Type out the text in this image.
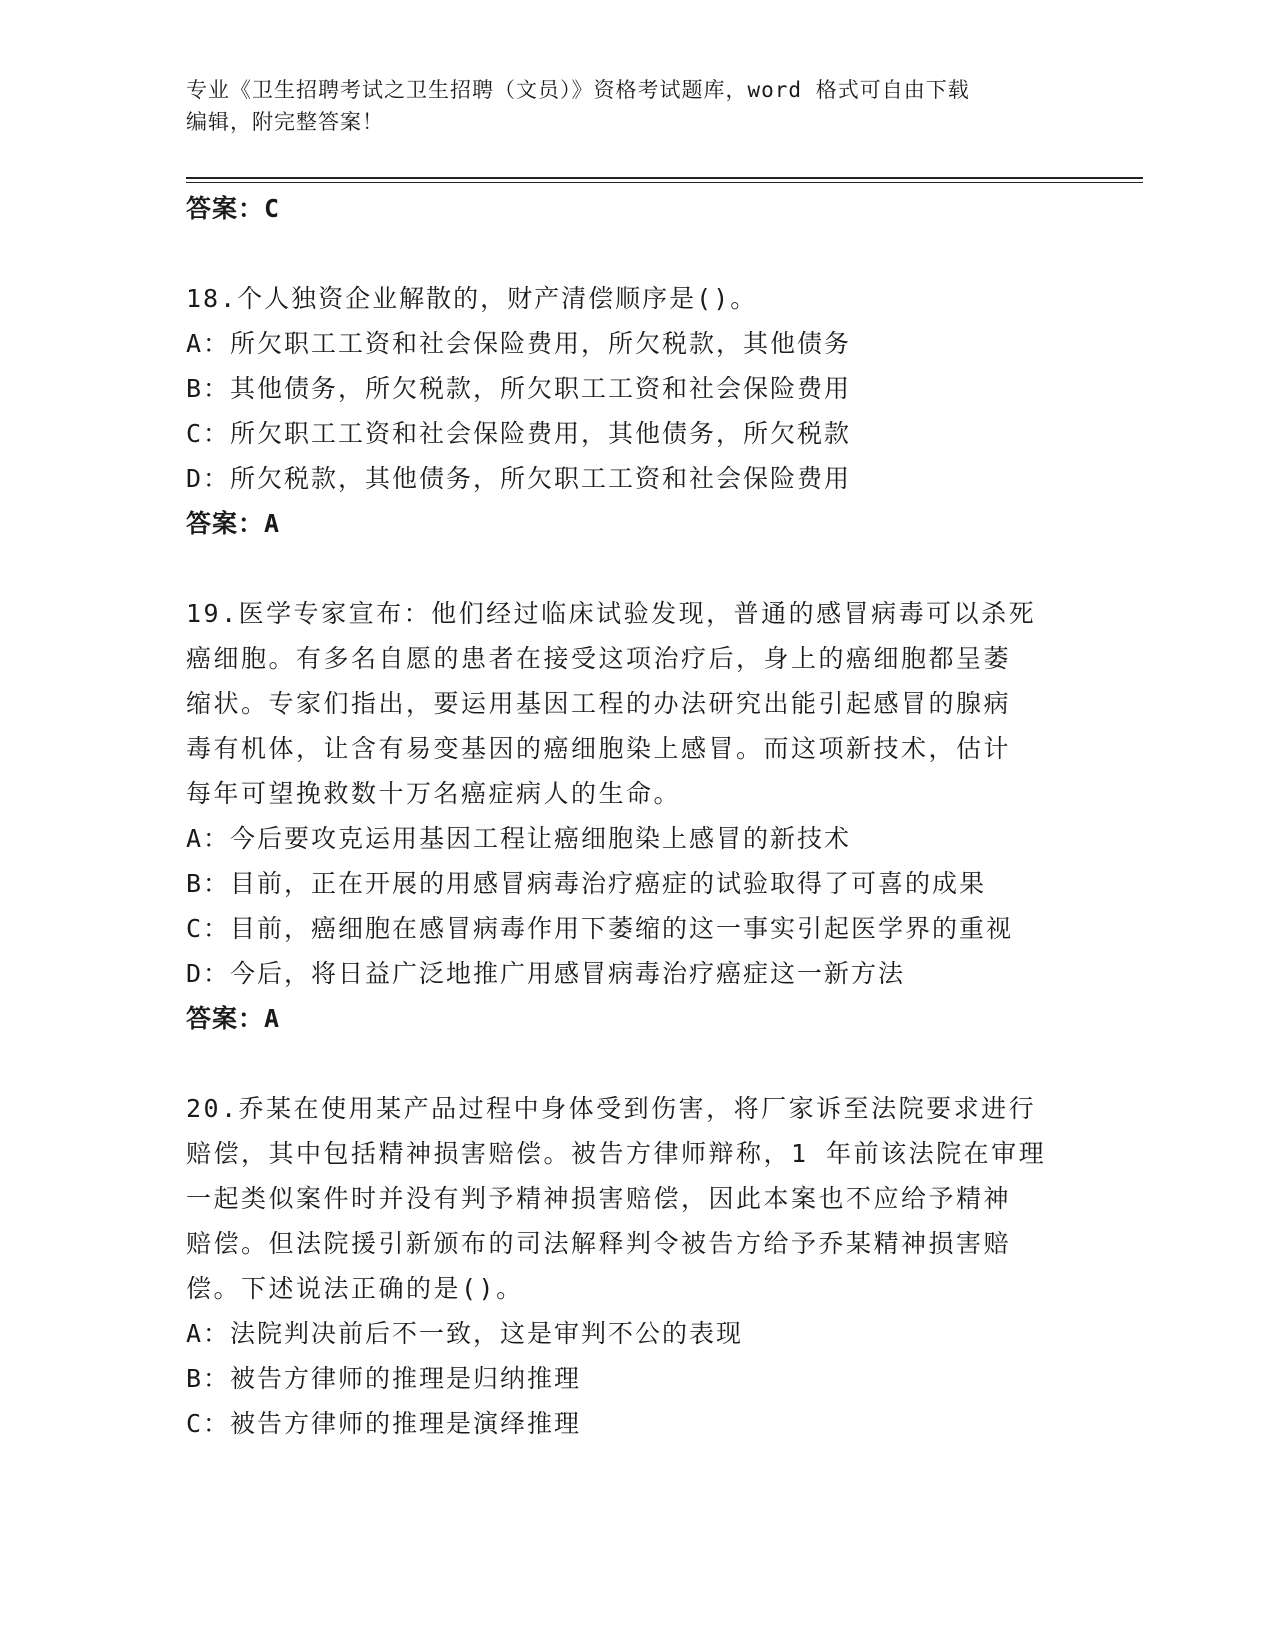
专业《卫生招聘考试之卫生招聘（文员）》资格考试题库，word 格式可自由下载
编辑，附完整答案！
答案：C
18.个人独资企业解散的，财产清偿顺序是()。
A：所欠职工工资和社会保险费用，所欠税款，其他债务
B：其他债务，所欠税款，所欠职工工资和社会保险费用
C：所欠职工工资和社会保险费用，其他债务，所欠税款
D：所欠税款，其他债务，所欠职工工资和社会保险费用
答案：A
19.医学专家宣布：他们经过临床试验发现，普通的感冒病毒可以杀死
癌细胞。有多名自愿的患者在接受这项治疗后，身上的癌细胞都呈萎
缩状。专家们指出，要运用基因工程的办法研究出能引起感冒的腺病
毒有机体，让含有易变基因的癌细胞染上感冒。而这项新技术，估计
每年可望挽救数十万名癌症病人的生命。
A：今后要攻克运用基因工程让癌细胞染上感冒的新技术
B：目前，正在开展的用感冒病毒治疗癌症的试验取得了可喜的成果
C：目前，癌细胞在感冒病毒作用下萎缩的这一事实引起医学界的重视
D：今后，将日益广泛地推广用感冒病毒治疗癌症这一新方法
答案：A
20.乔某在使用某产品过程中身体受到伤害，将厂家诉至法院要求进行
赔偿，其中包括精神损害赔偿。被告方律师辩称，1 年前该法院在审理
一起类似案件时并没有判予精神损害赔偿，因此本案也不应给予精神
赔偿。但法院援引新颁布的司法解释判令被告方给予乔某精神损害赔
偿。下述说法正确的是()。
A：法院判决前后不一致，这是审判不公的表现
B：被告方律师的推理是归纳推理
C：被告方律师的推理是演绎推理
